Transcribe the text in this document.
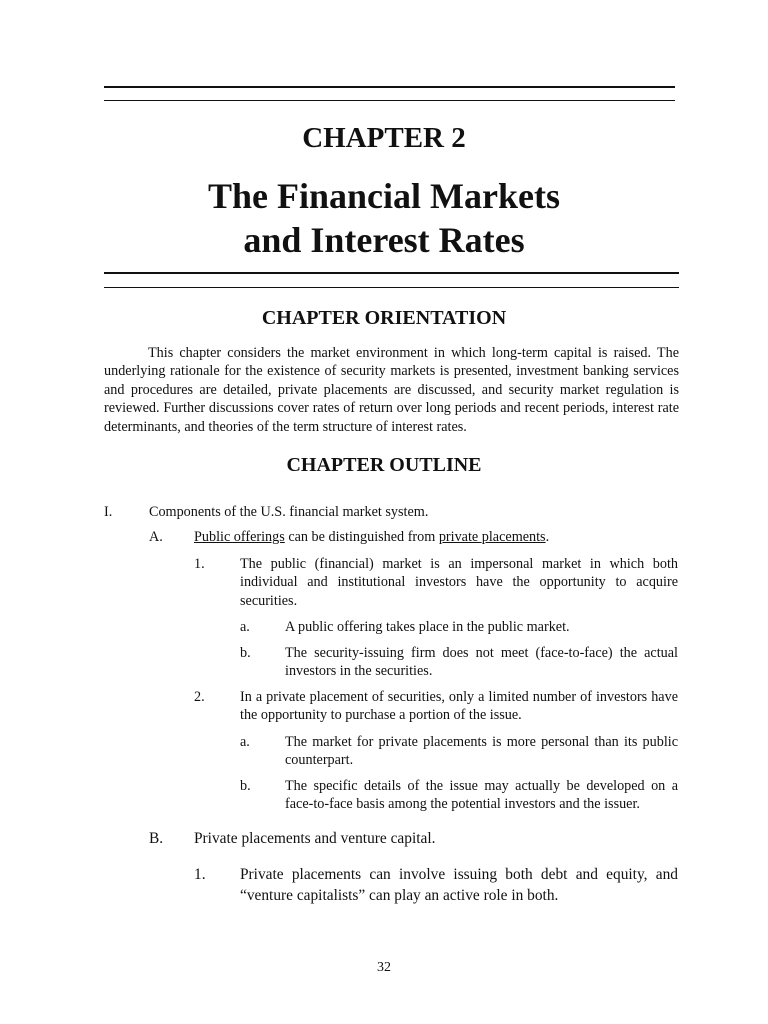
CHAPTER 2
The Financial Markets
and Interest Rates
CHAPTER ORIENTATION

This chapter considers the market environment in which long-term capital is raised. The underlying rationale for the existence of security markets is presented, investment banking services and procedures are detailed, private placements are discussed, and security market regulation is reviewed. Further discussions cover rates of return over long periods and recent periods, interest rate determinants, and theories of the term structure of interest rates.

CHAPTER OUTLINE
I.	Components of the U.S. financial market system.
A. Public offerings can be distinguished from private placements.
1. The public (financial) market is an impersonal market in which both individual and institutional investors have the opportunity to acquire securities.
a. A public offering takes place in the public market.
b. The security-issuing firm does not meet (face-to-face) the actual investors in the securities.
2. In a private placement of securities, only a limited number of investors have the opportunity to purchase a portion of the issue.
a. The market for private placements is more personal than its public counterpart.
b. The specific details of the issue may actually be developed on a face-to-face basis among the potential investors and the issuer.
B. Private placements and venture capital.
1. Private placements can involve issuing both debt and equity, and “venture capitalists” can play an active role in both.
32
